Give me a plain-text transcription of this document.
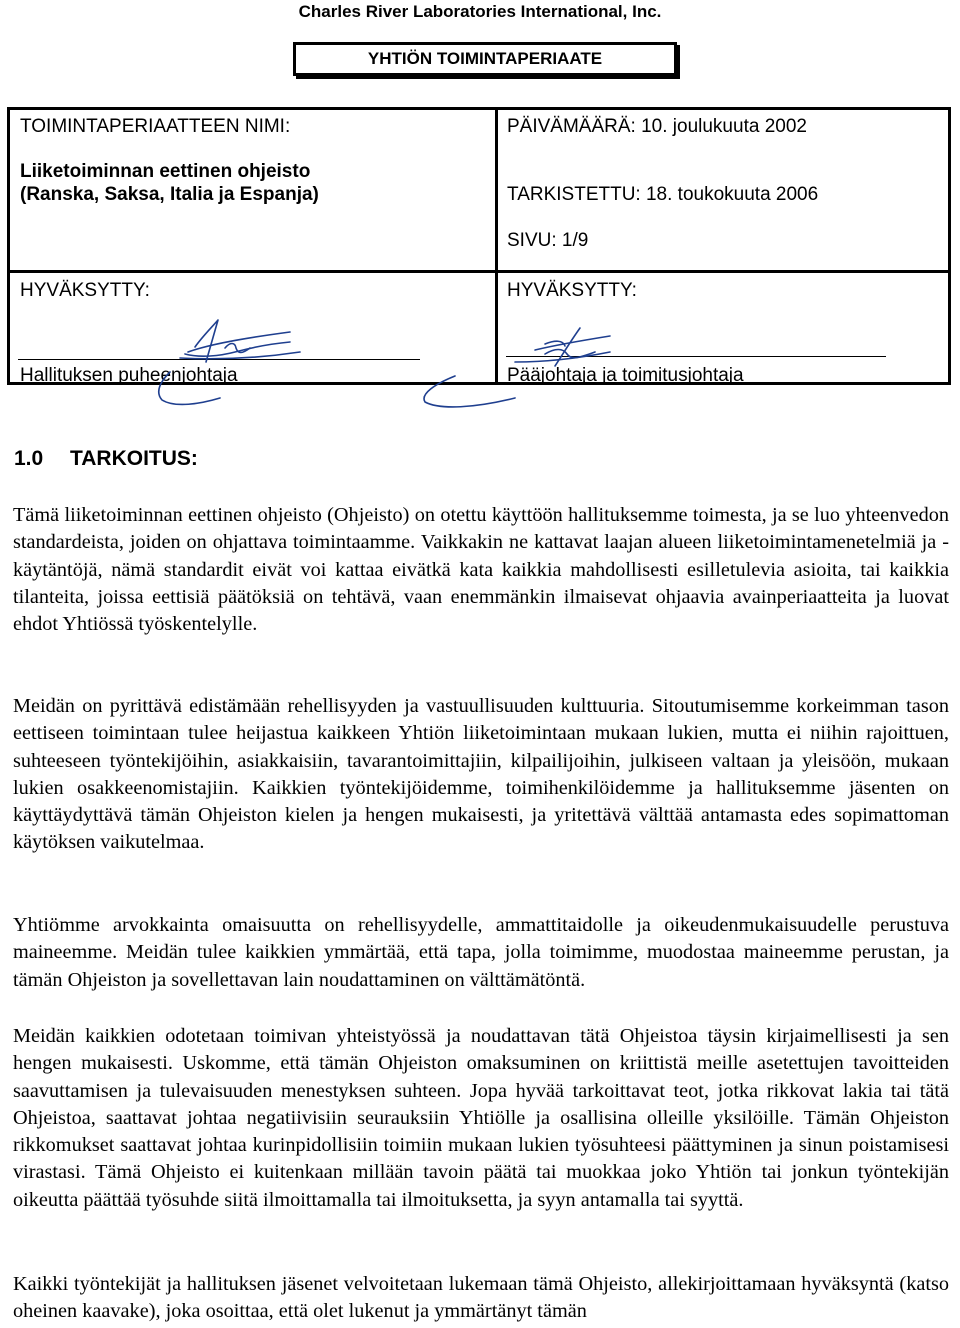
Charles River Laboratories International, Inc.
YHTIÖN TOIMINTAPERIAATE
TOIMINTAPERIAATTEEN NIMI:
Liiketoiminnan eettinen ohjeisto
(Ranska, Saksa, Italia ja Espanja)
PÄIVÄMÄÄRÄ: 10. joulukuuta 2002
TARKISTETTU: 18. toukokuuta 2006
SIVU: 1/9
HYVÄKSYTTY:	HYVÄKSYTTY:
Hallituksen puheenjohtaja	Pääjohtaja ja toimitusjohtaja
1.0 TARKOITUS:

Tämä liiketoiminnan eettinen ohjeisto (Ohjeisto) on otettu käyttöön hallituksemme toimesta, ja se luo yhteenvedon standardeista, joiden on ohjattava toimintaamme. Vaikkakin ne kattavat laajan alueen liiketoimintamenetelmiä ja -käytäntöjä, nämä standardit eivät voi kattaa eivätkä kata kaikkia mahdollisesti esilletulevia asioita, tai kaikkia tilanteita, joissa eettisiä päätöksiä on tehtävä, vaan enemmänkin ilmaisevat ohjaavia avainperiaatteita ja luovat ehdot Yhtiössä työskentelylle.

Meidän on pyrittävä edistämään rehellisyyden ja vastuullisuuden kulttuuria. Sitoutumisemme korkeimman tason eettiseen toimintaan tulee heijastua kaikkeen Yhtiön liiketoimintaan mukaan lukien, mutta ei niihin rajoittuen, suhteeseen työntekijöihin, asiakkaisiin, tavarantoimittajiin, kilpailijoihin, julkiseen valtaan ja yleisöön, mukaan lukien osakkeenomistajiin. Kaikkien työntekijöidemme, toimihenkilöidemme ja hallituksemme jäsenten on käyttäydyttävä tämän Ohjeiston kielen ja hengen mukaisesti, ja yritettävä välttää antamasta edes sopimattoman käytöksen vaikutelmaa.

Yhtiömme arvokkainta omaisuutta on rehellisyydelle, ammattitaidolle ja oikeudenmukaisuudelle perustuva maineemme. Meidän tulee kaikkien ymmärtää, että tapa, jolla toimimme, muodostaa maineemme perustan, ja tämän Ohjeiston ja sovellettavan lain noudattaminen on välttämätöntä.

Meidän kaikkien odotetaan toimivan yhteistyössä ja noudattavan tätä Ohjeistoa täysin kirjaimellisesti ja sen hengen mukaisesti. Uskomme, että tämän Ohjeiston omaksuminen on kriittistä meille asetettujen tavoitteiden saavuttamisen ja tulevaisuuden menestyksen suhteen. Jopa hyvää tarkoittavat teot, jotka rikkovat lakia tai tätä Ohjeistoa, saattavat johtaa negatiivisiin seurauksiin Yhtiölle ja osallisina olleille yksilöille. Tämän Ohjeiston rikkomukset saattavat johtaa kurinpidollisiin toimiin mukaan lukien työsuhteesi päättyminen ja sinun poistamisesi virastasi. Tämä Ohjeisto ei kuitenkaan millään tavoin päätä tai muokkaa joko Yhtiön tai jonkun työntekijän oikeutta päättää työsuhde siitä ilmoittamalla tai ilmoituksetta, ja syyn antamalla tai syyttä.

Kaikki työntekijät ja hallituksen jäsenet velvoitetaan lukemaan tämä Ohjeisto, allekirjoittamaan hyväksyntä (katso oheinen kaavake), joka osoittaa, että olet lukenut ja ymmärtänyt tämän
